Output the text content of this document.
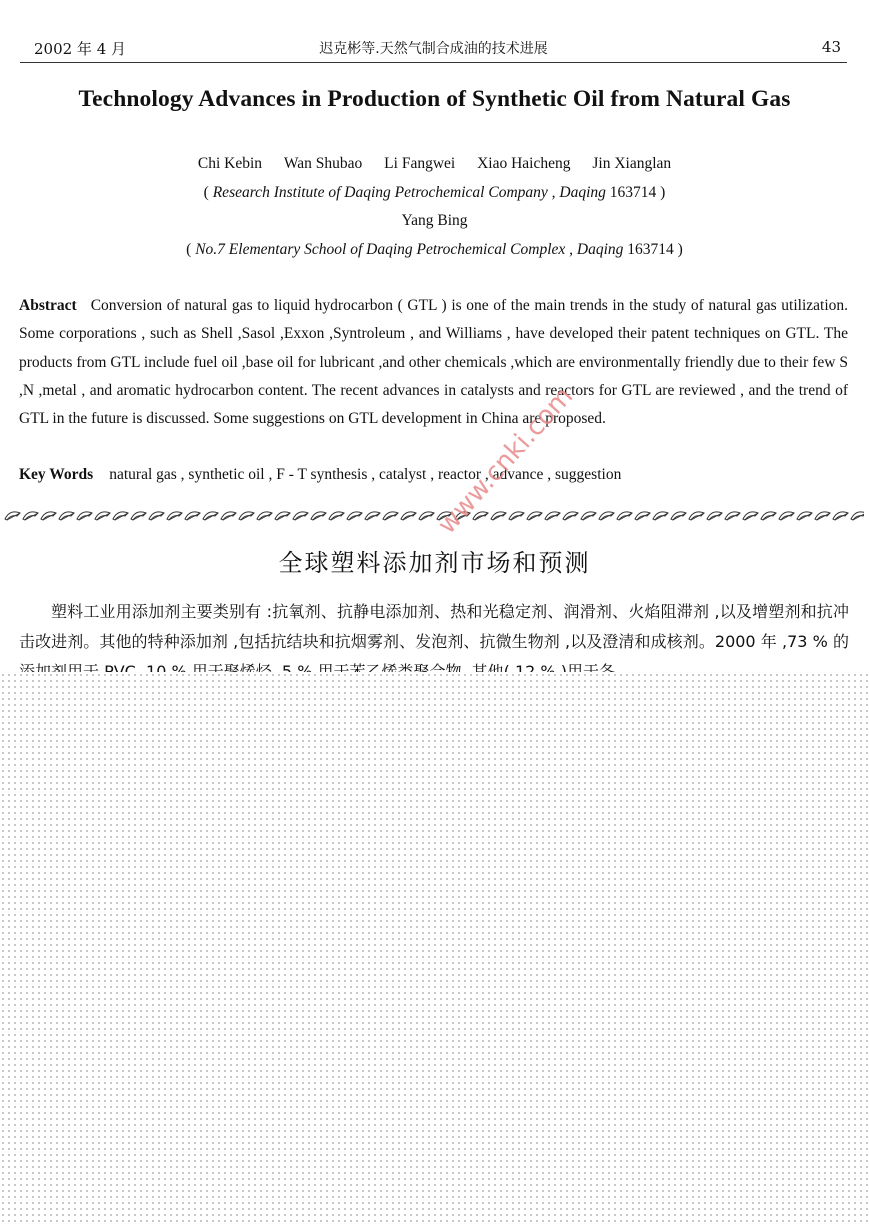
2002 年 4 月	迟克彬等.天然气制合成油的技术进展	43
Technology Advances in Production of Synthetic Oil from Natural Gas
Chi Kebin Wan Shubao Li Fangwei Xiao Haicheng Jin Xianglan
( Research Institute of Daqing Petrochemical Company , Daqing 163714 )
Yang Bing
( No.7 Elementary School of Daqing Petrochemical Complex , Daqing 163714 )
Abstract Conversion of natural gas to liquid hydrocarbon ( GTL ) is one of the main trends in the study of natural gas utilization. Some corporations , such as Shell ,Sasol ,Exxon ,Syntroleum , and Williams , have developed their patent techniques on GTL. The products from GTL include fuel oil ,base oil for lubricant ,and other chemicals ,which are environmentally friendly due to their few S ,N ,metal , and aromatic hydrocarbon content. The recent advances in catalysts and reactors for GTL are reviewed , and the trend of GTL in the future is discussed. Some suggestions on GTL development in China are proposed.
Key Words natural gas , synthetic oil , F - T synthesis , catalyst , reactor , advance , suggestion
全球塑料添加剂市场和预测

塑料工业用添加剂主要类别有 :抗氧剂、抗静电添加剂、热和光稳定剂、润滑剂、火焰阻滞剂 ,以及增塑剂和抗冲击改进剂。其他的特种添加剂 ,包括抗结块和抗烟雾剂、发泡剂、抗微生物剂 ,以及澄清和成核剂。2000 年 ,73 % 的

www.cnki.com
